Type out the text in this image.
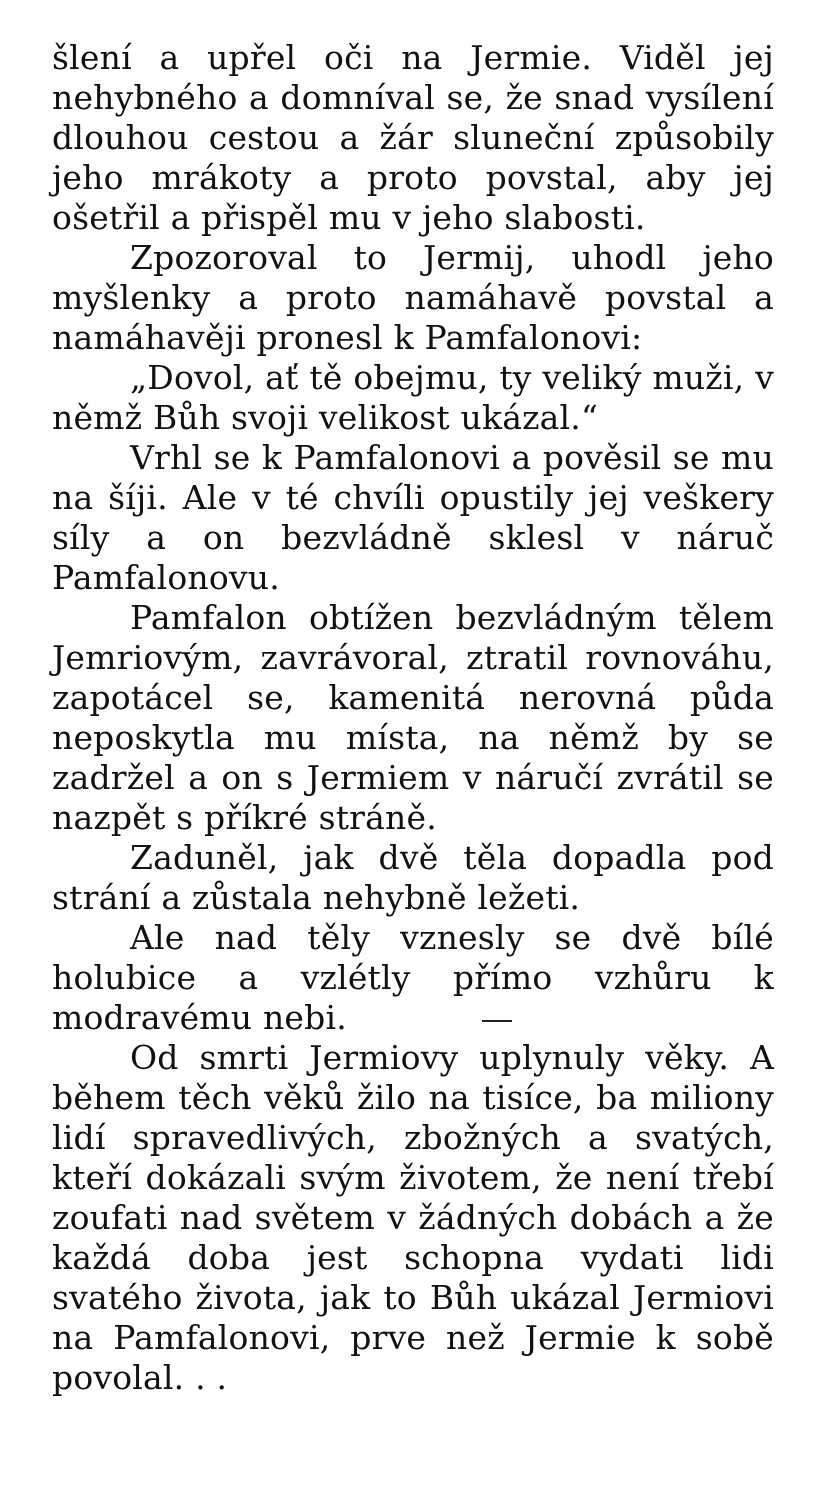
šlení a upřel oči na Jermie. Viděl jej nehybného a domníval se, že snad vysílení dlouhou cestou a žár sluneční způsobily jeho mrákoty a proto povstal, aby jej ošetřil a přispěl mu v jeho slabosti.

Zpozoroval to Jermij, uhodl jeho myšlenky a proto namáhavě povstal a namáhavěji pronesl k Pamfalonovi:

„Dovol, ať tě obejmu, ty veliký muži, v němž Bůh svoji velikost ukázal.“

Vrhl se k Pamfalonovi a pověsil se mu na šíji. Ale v té chvíli opustily jej veškery síly a on bezvládně sklesl v náruč Pamfalonovu.

Pamfalon obtížen bezvládným tělem Jemriovým, zavrávoral, ztratil rovnováhu, zapotácel se, kamenitá nerovná půda neposkytla mu místa, na němž by se zadržel a on s Jermiem v náručí zvrátil se nazpět s příkré stráně.

Zaduněl, jak dvě těla dopadla pod strání a zůstala nehybně ležeti.

Ale nad těly vznesly se dvě bílé holubice a vzlétly přímo vzhůru k modravému nebi.

Od smrti Jermiovy uplynuly věky. A během těch věků žilo na tisíce, ba miliony lidí spravedlivých, zbožných a svatých, kteří dokázali svým životem, že není třebí zoufati nad světem v žádných dobách a že každá doba jest schopna vydati lidi svatého života, jak to Bůh ukázal Jermiovi na Pamfalonovi, prve než Jermie k sobě povolal. . .
